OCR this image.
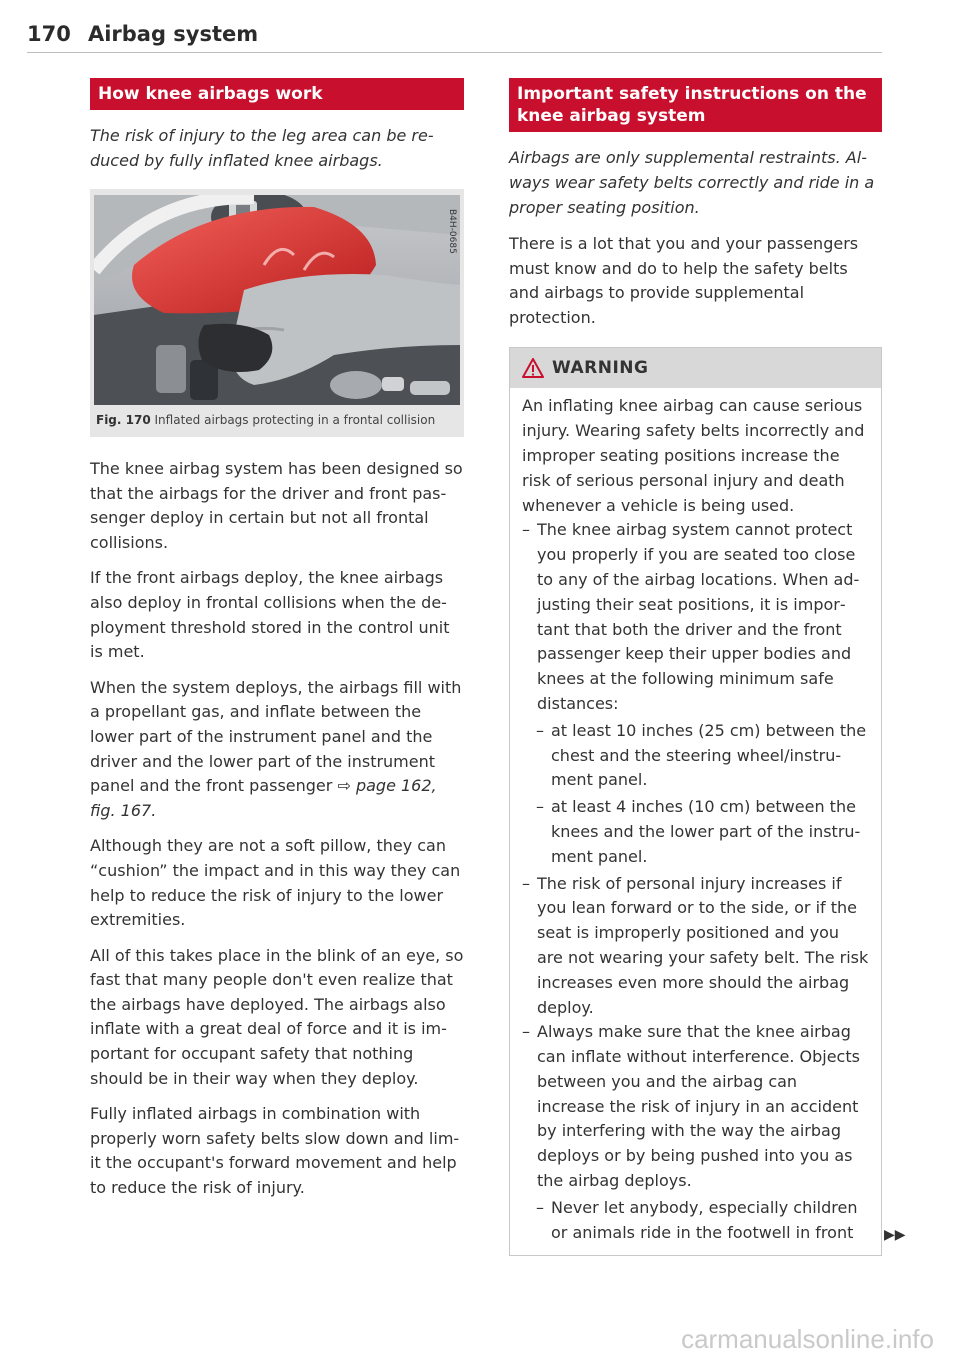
170 Airbag system
How knee airbags work

The risk of injury to the leg area can be reduced by fully inflated knee airbags.

B4H-0685
Fig. 170 Inflated airbags protecting in a frontal collision

The knee airbag system has been designed so that the airbags for the driver and front passenger deploy in certain but not all frontal collisions.

If the front airbags deploy, the knee airbags also deploy in frontal collisions when the deployment threshold stored in the control unit is met.

When the system deploys, the airbags fill with a propellant gas, and inflate between the lower part of the instrument panel and the driver and the lower part of the instrument panel and the front passenger ⇨ page 162, fig. 167.

Although they are not a soft pillow, they can “cushion” the impact and in this way they can help to reduce the risk of injury to the lower extremities.

All of this takes place in the blink of an eye, so fast that many people don't even realize that the airbags have deployed. The airbags also inflate with a great deal of force and it is important for occupant safety that nothing should be in their way when they deploy.

Fully inflated airbags in combination with properly worn safety belts slow down and limit the occupant's forward movement and help to reduce the risk of injury.

Important safety instructions on the knee airbag system

Airbags are only supplemental restraints. Always wear safety belts correctly and ride in a proper seating position.

There is a lot that you and your passengers must know and do to help the safety belts and airbags to provide supplemental protection.

WARNING

An inflating knee airbag can cause serious injury. Wearing safety belts incorrectly and improper seating positions increase the risk of serious personal injury and death whenever a vehicle is being used.

– The knee airbag system cannot protect you properly if you are seated too close to any of the airbag locations. When adjusting their seat positions, it is important that both the driver and the front passenger keep their upper bodies and knees at the following minimum safe distances:

– at least 10 inches (25 cm) between the chest and the steering wheel/instrument panel.

– at least 4 inches (10 cm) between the knees and the lower part of the instrument panel.

– The risk of personal injury increases if you lean forward or to the side, or if the seat is improperly positioned and you are not wearing your safety belt. The risk increases even more should the airbag deploy.

– Always make sure that the knee airbag can inflate without interference. Objects between you and the airbag can increase the risk of injury in an accident by interfering with the way the airbag deploys or by being pushed into you as the airbag deploys.

– Never let anybody, especially children or animals ride in the footwell in front	▶▶
carmanualsonline.info
